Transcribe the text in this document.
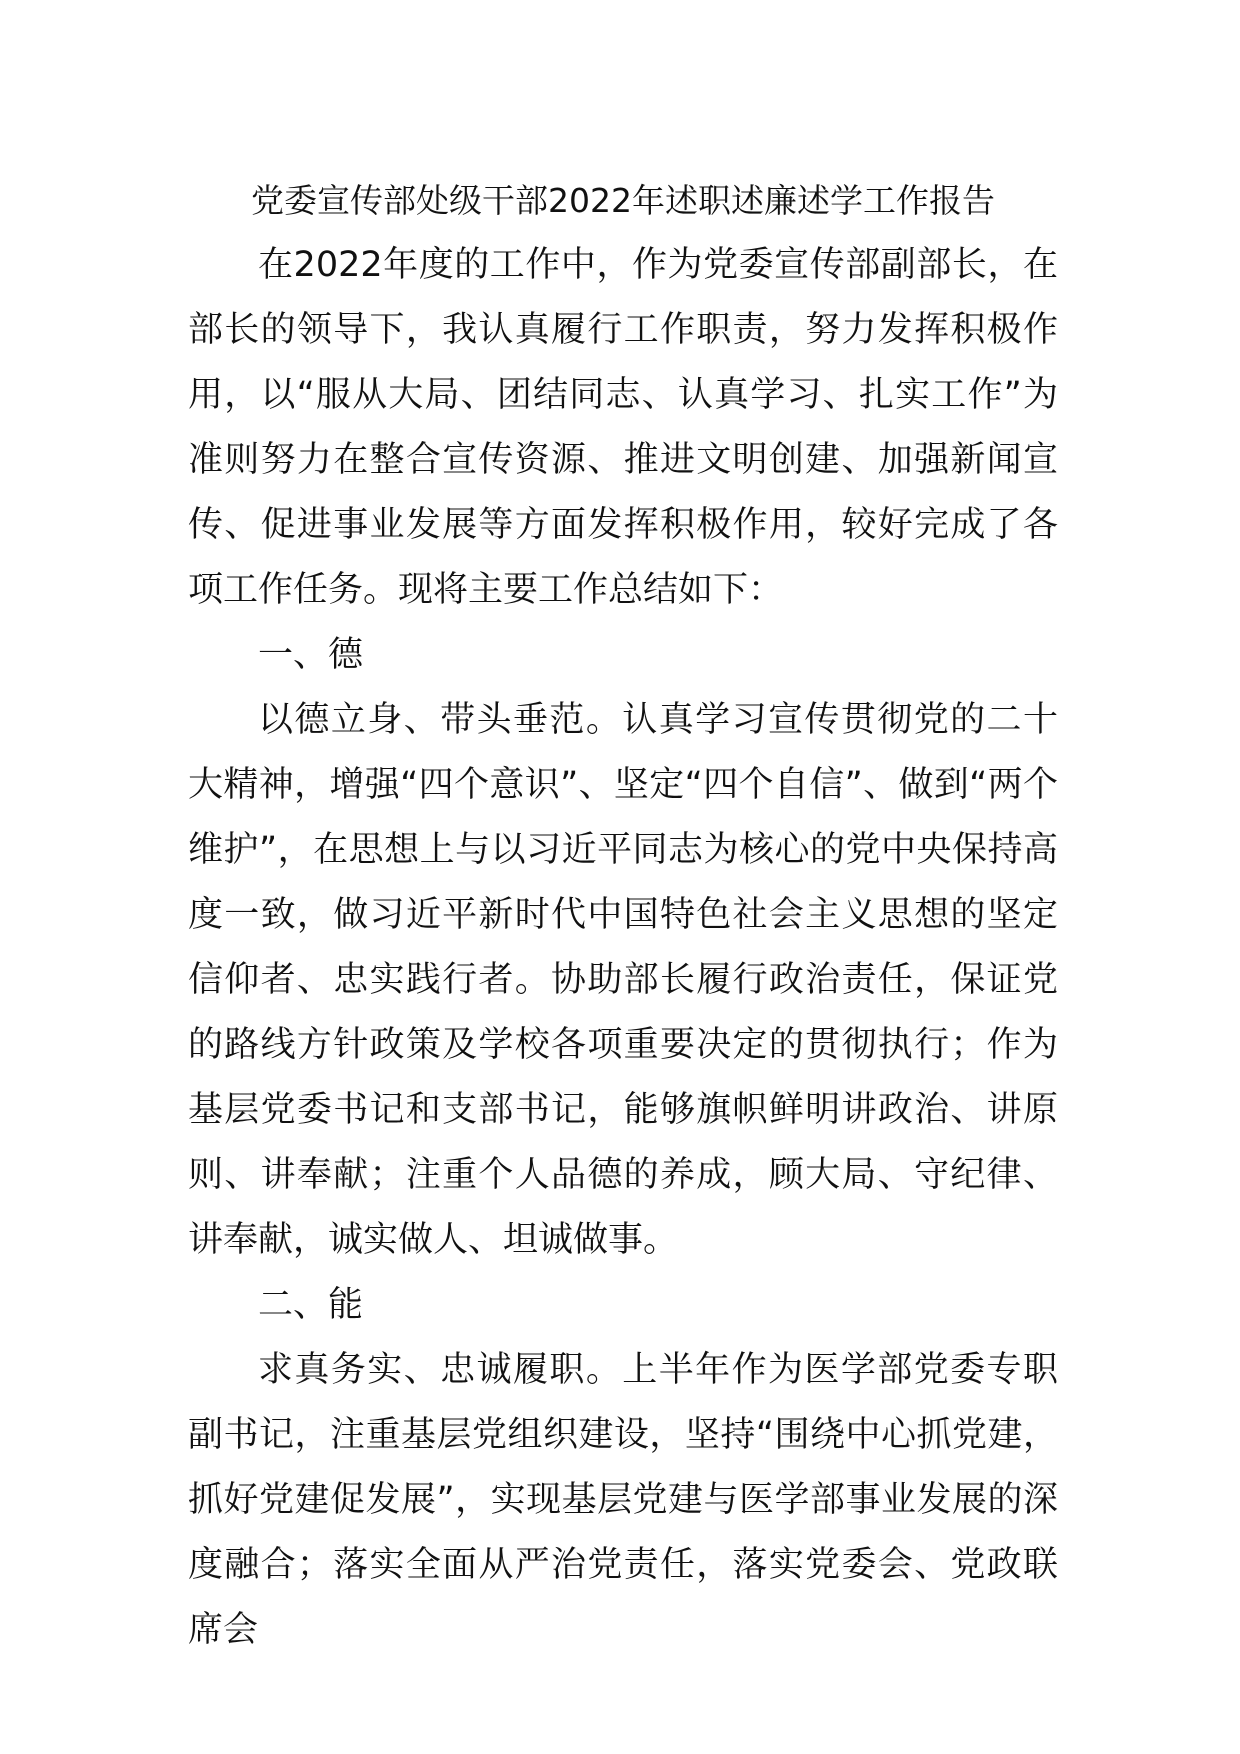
党委宣传部处级干部2022年述职述廉述学工作报告

在2022年度的工作中，作为党委宣传部副部长，在部长的领导下，我认真履行工作职责，努力发挥积极作用，以“服从大局、团结同志、认真学习、扎实工作”为准则努力在整合宣传资源、推进文明创建、加强新闻宣传、促进事业发展等方面发挥积极作用，较好完成了各项工作任务。现将主要工作总结如下：

一、德

以德立身、带头垂范。认真学习宣传贯彻党的二十大精神，增强“四个意识”、坚定“四个自信”、做到“两个维护”，在思想上与以习近平同志为核心的党中央保持高度一致，做习近平新时代中国特色社会主义思想的坚定信仰者、忠实践行者。协助部长履行政治责任，保证党的路线方针政策及学校各项重要决定的贯彻执行；作为基层党委书记和支部书记，能够旗帜鲜明讲政治、讲原则、讲奉献；注重个人品德的养成，顾大局、守纪律、讲奉献，诚实做人、坦诚做事。

二、能

求真务实、忠诚履职。上半年作为医学部党委专职副书记，注重基层党组织建设，坚持“围绕中心抓党建，抓好党建促发展”，实现基层党建与医学部事业发展的深度融合；落实全面从严治党责任，落实党委会、党政联席会
